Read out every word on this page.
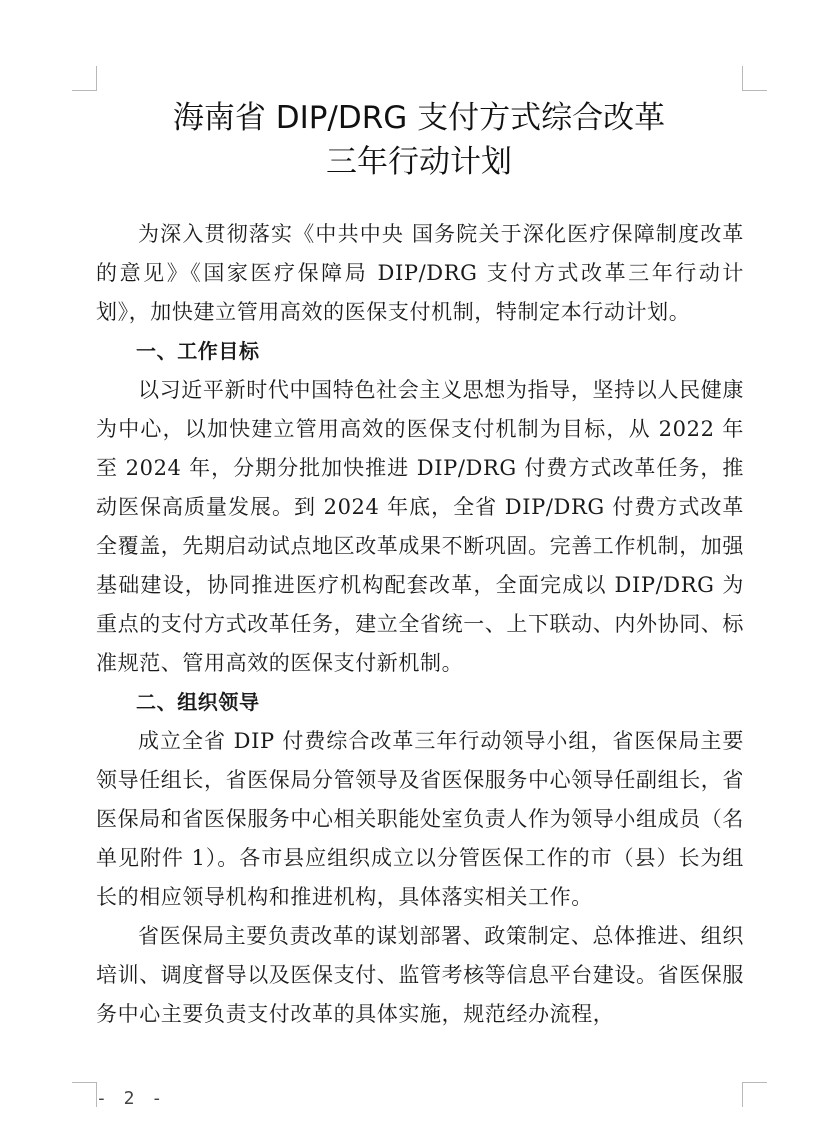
海南省 DIP/DRG 支付方式综合改革
三年行动计划

为深入贯彻落实《中共中央 国务院关于深化医疗保障制度改革的意见》《国家医疗保障局 DIP/DRG 支付方式改革三年行动计划》，加快建立管用高效的医保支付机制，特制定本行动计划。

一、工作目标

以习近平新时代中国特色社会主义思想为指导，坚持以人民健康为中心，以加快建立管用高效的医保支付机制为目标，从 2022 年至 2024 年，分期分批加快推进 DIP/DRG 付费方式改革任务，推动医保高质量发展。到 2024 年底，全省 DIP/DRG 付费方式改革全覆盖，先期启动试点地区改革成果不断巩固。完善工作机制，加强基础建设，协同推进医疗机构配套改革，全面完成以 DIP/DRG 为重点的支付方式改革任务，建立全省统一、上下联动、内外协同、标准规范、管用高效的医保支付新机制。

二、组织领导

成立全省 DIP 付费综合改革三年行动领导小组，省医保局主要领导任组长，省医保局分管领导及省医保服务中心领导任副组长，省医保局和省医保服务中心相关职能处室负责人作为领导小组成员（名单见附件 1）。各市县应组织成立以分管医保工作的市（县）长为组长的相应领导机构和推进机构，具体落实相关工作。

省医保局主要负责改革的谋划部署、政策制定、总体推进、组织培训、调度督导以及医保支付、监管考核等信息平台建设。省医保服务中心主要负责支付改革的具体实施，规范经办流程，

- 2 -
